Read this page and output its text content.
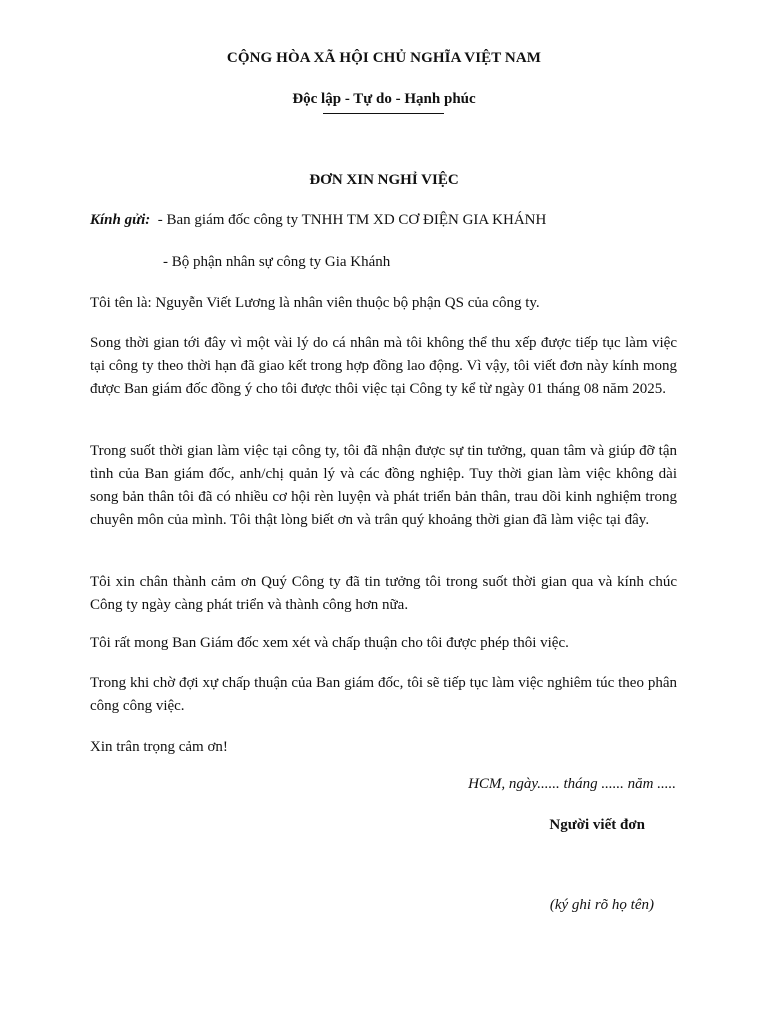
CỘNG HÒA XÃ HỘI CHỦ NGHĨA VIỆT NAM
Độc lập - Tự do - Hạnh phúc
ĐƠN XIN NGHỈ VIỆC
Kính gửi: - Ban giám đốc công ty TNHH TM XD CƠ ĐIỆN GIA KHÁNH
- Bộ phận nhân sự công ty Gia Khánh

Tôi tên là: Nguyễn Viết Lương là nhân viên thuộc bộ phận QS của công ty.

Song thời gian tới đây vì một vài lý do cá nhân mà tôi không thể thu xếp được tiếp tục làm việc tại công ty theo thời hạn đã giao kết trong hợp đồng lao động. Vì vậy, tôi viết đơn này kính mong được Ban giám đốc đồng ý cho tôi được thôi việc tại Công ty kể từ ngày 01 tháng 08 năm 2025.

Trong suốt thời gian làm việc tại công ty, tôi đã nhận được sự tin tưởng, quan tâm và giúp đỡ tận tình của Ban giám đốc, anh/chị quản lý và các đồng nghiệp. Tuy thời gian làm việc không dài song bản thân tôi đã có nhiều cơ hội rèn luyện và phát triển bản thân, trau dồi kinh nghiệm trong chuyên môn của mình. Tôi thật lòng biết ơn và trân quý khoảng thời gian đã làm việc tại đây.

Tôi xin chân thành cảm ơn Quý Công ty đã tin tưởng tôi trong suốt thời gian qua và kính chúc Công ty ngày càng phát triển và thành công hơn nữa.

Tôi rất mong Ban Giám đốc xem xét và chấp thuận cho tôi được phép thôi việc.

Trong khi chờ đợi xự chấp thuận của Ban giám đốc, tôi sẽ tiếp tục làm việc nghiêm túc theo phân công công việc.

Xin trân trọng cảm ơn!

HCM, ngày...... tháng ...... năm .....
Người viết đơn
(ký ghi rõ họ tên)
